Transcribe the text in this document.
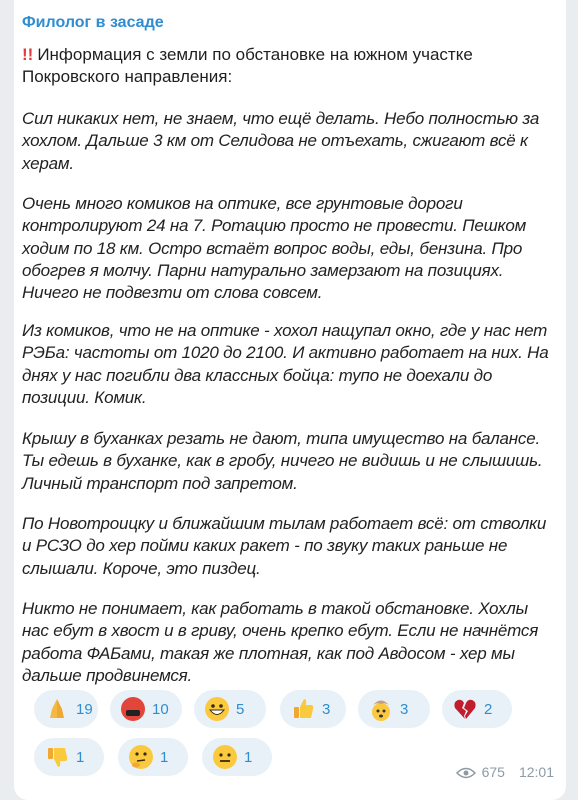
Филолог в засаде
!! Информация с земли по обстановке на южном участке Покровского направления:
Сил никаких нет, не знаем, что ещё делать. Небо полностью за хохлом. Дальше 3 км от Селидова не отъехать, сжигают всё к херам.
Очень много комиков на оптике, все грунтовые дороги контролируют 24 на 7. Ротацию просто не провести. Пешком ходим по 18 км. Остро встаёт вопрос воды, еды, бензина. Про обогрев я молчу. Парни натурально замерзают на позициях. Ничего не подвезти от слова совсем.
Из комиков, что не на оптике - хохол нащупал окно, где у нас нет РЭБа: частоты от 1020 до 2100. И активно работает на них. На днях у нас погибли два классных бойца: тупо не доехали до позиции. Комик.
Крышу в буханках резать не дают, типа имущество на балансе. Ты едешь в буханке, как в гробу, ничего не видишь и не слышишь. Личный транспорт под запретом.
По Новотроицку и ближайшим тылам работает всё: от стволки и РСЗО до хер пойми каких ракет - по звуку таких раньше не слышали. Короче, это пиздец.
Никто не понимает, как работать в такой обстановке. Хохлы нас ебут в хвост и в гриву, очень крепко ебут. Если не начнётся работа ФАБами, такая же плотная, как под Авдосом - хер мы дальше продвинемся.
19	10	5	3	3	2
1	1	1
675 12:01
